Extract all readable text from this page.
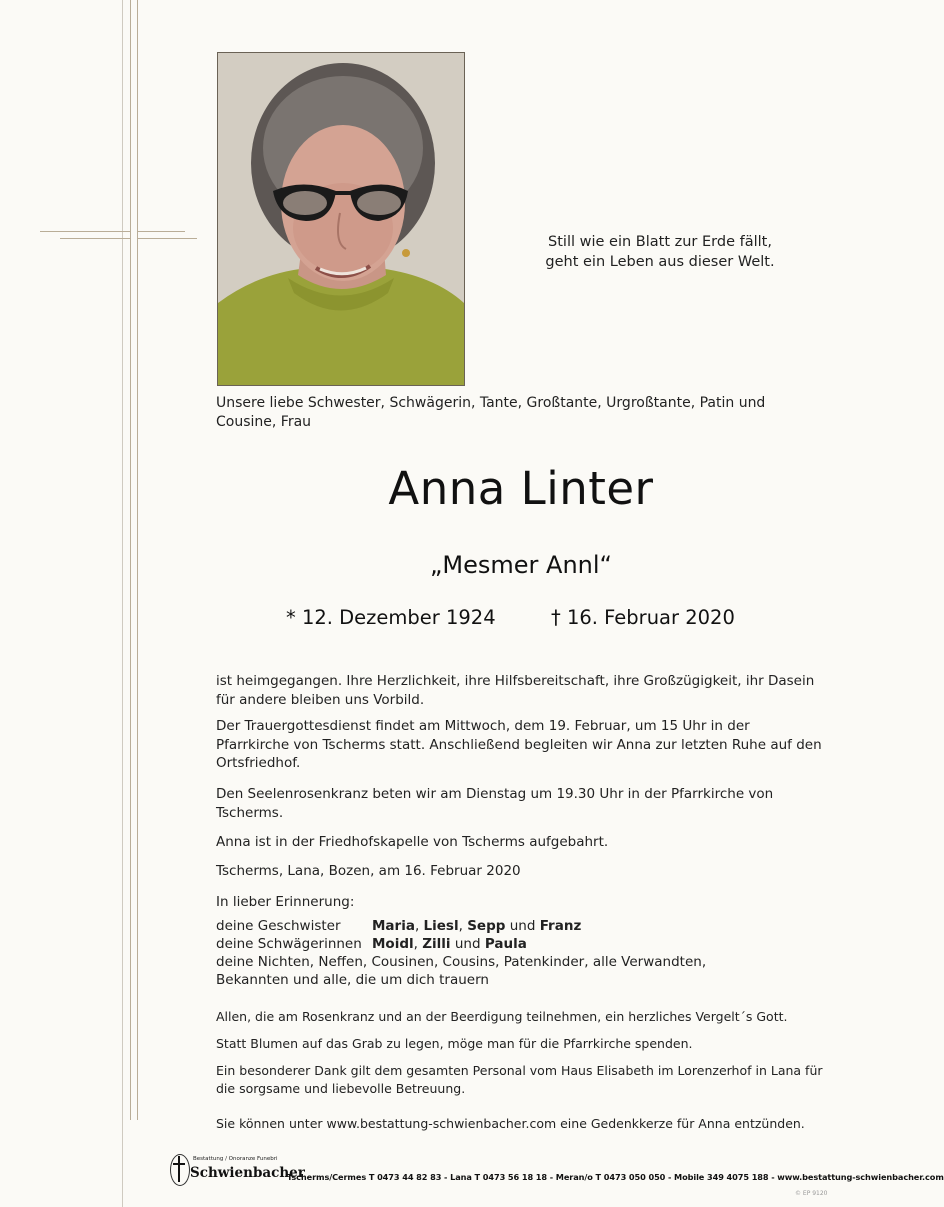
Still wie ein Blatt zur Erde fällt,
geht ein Leben aus dieser Welt.
Unsere liebe Schwester, Schwägerin, Tante, Großtante, Urgroßtante, Patin und Cousine, Frau
Anna Linter
„Mesmer Annl“
* 12. Dezember 1924	† 16. Februar 2020
ist heimgegangen. Ihre Herzlichkeit, ihre Hilfsbereitschaft, ihre Großzügigkeit, ihr Dasein für andere bleiben uns Vorbild.
Der Trauergottesdienst findet am Mittwoch, dem 19. Februar, um 15 Uhr in der Pfarrkirche von Tscherms statt. Anschließend begleiten wir Anna zur letzten Ruhe auf den Ortsfriedhof.
Den Seelenrosenkranz beten wir am Dienstag um 19.30 Uhr in der Pfarrkirche von Tscherms.
Anna ist in der Friedhofskapelle von Tscherms aufgebahrt.
Tscherms, Lana, Bozen, am 16. Februar 2020
In lieber Erinnerung:
deine Geschwister Maria, Liesl, Sepp und Franz
deine Schwägerinnen Moidl, Zilli und Paula
deine Nichten, Neffen, Cousinen, Cousins, Patenkinder, alle Verwandten,
Bekannten und alle, die um dich trauern
Allen, die am Rosenkranz und an der Beerdigung teilnehmen, ein herzliches Vergelt´s Gott.
Statt Blumen auf das Grab zu legen, möge man für die Pfarrkirche spenden.
Ein besonderer Dank gilt dem gesamten Personal vom Haus Elisabeth im Lorenzerhof in Lana für die sorgsame und liebevolle Betreuung.
Sie können unter www.bestattung-schwienbacher.com eine Gedenkkerze für Anna entzünden.
Bestattung / Onoranze Funebri
Schwienbacher
Tscherms/Cermes T 0473 44 82 83 - Lana T 0473 56 18 18 - Meran/o T 0473 050 050 - Mobile 349 4075 188 - www.bestattung-schwienbacher.com
© EP 9120
